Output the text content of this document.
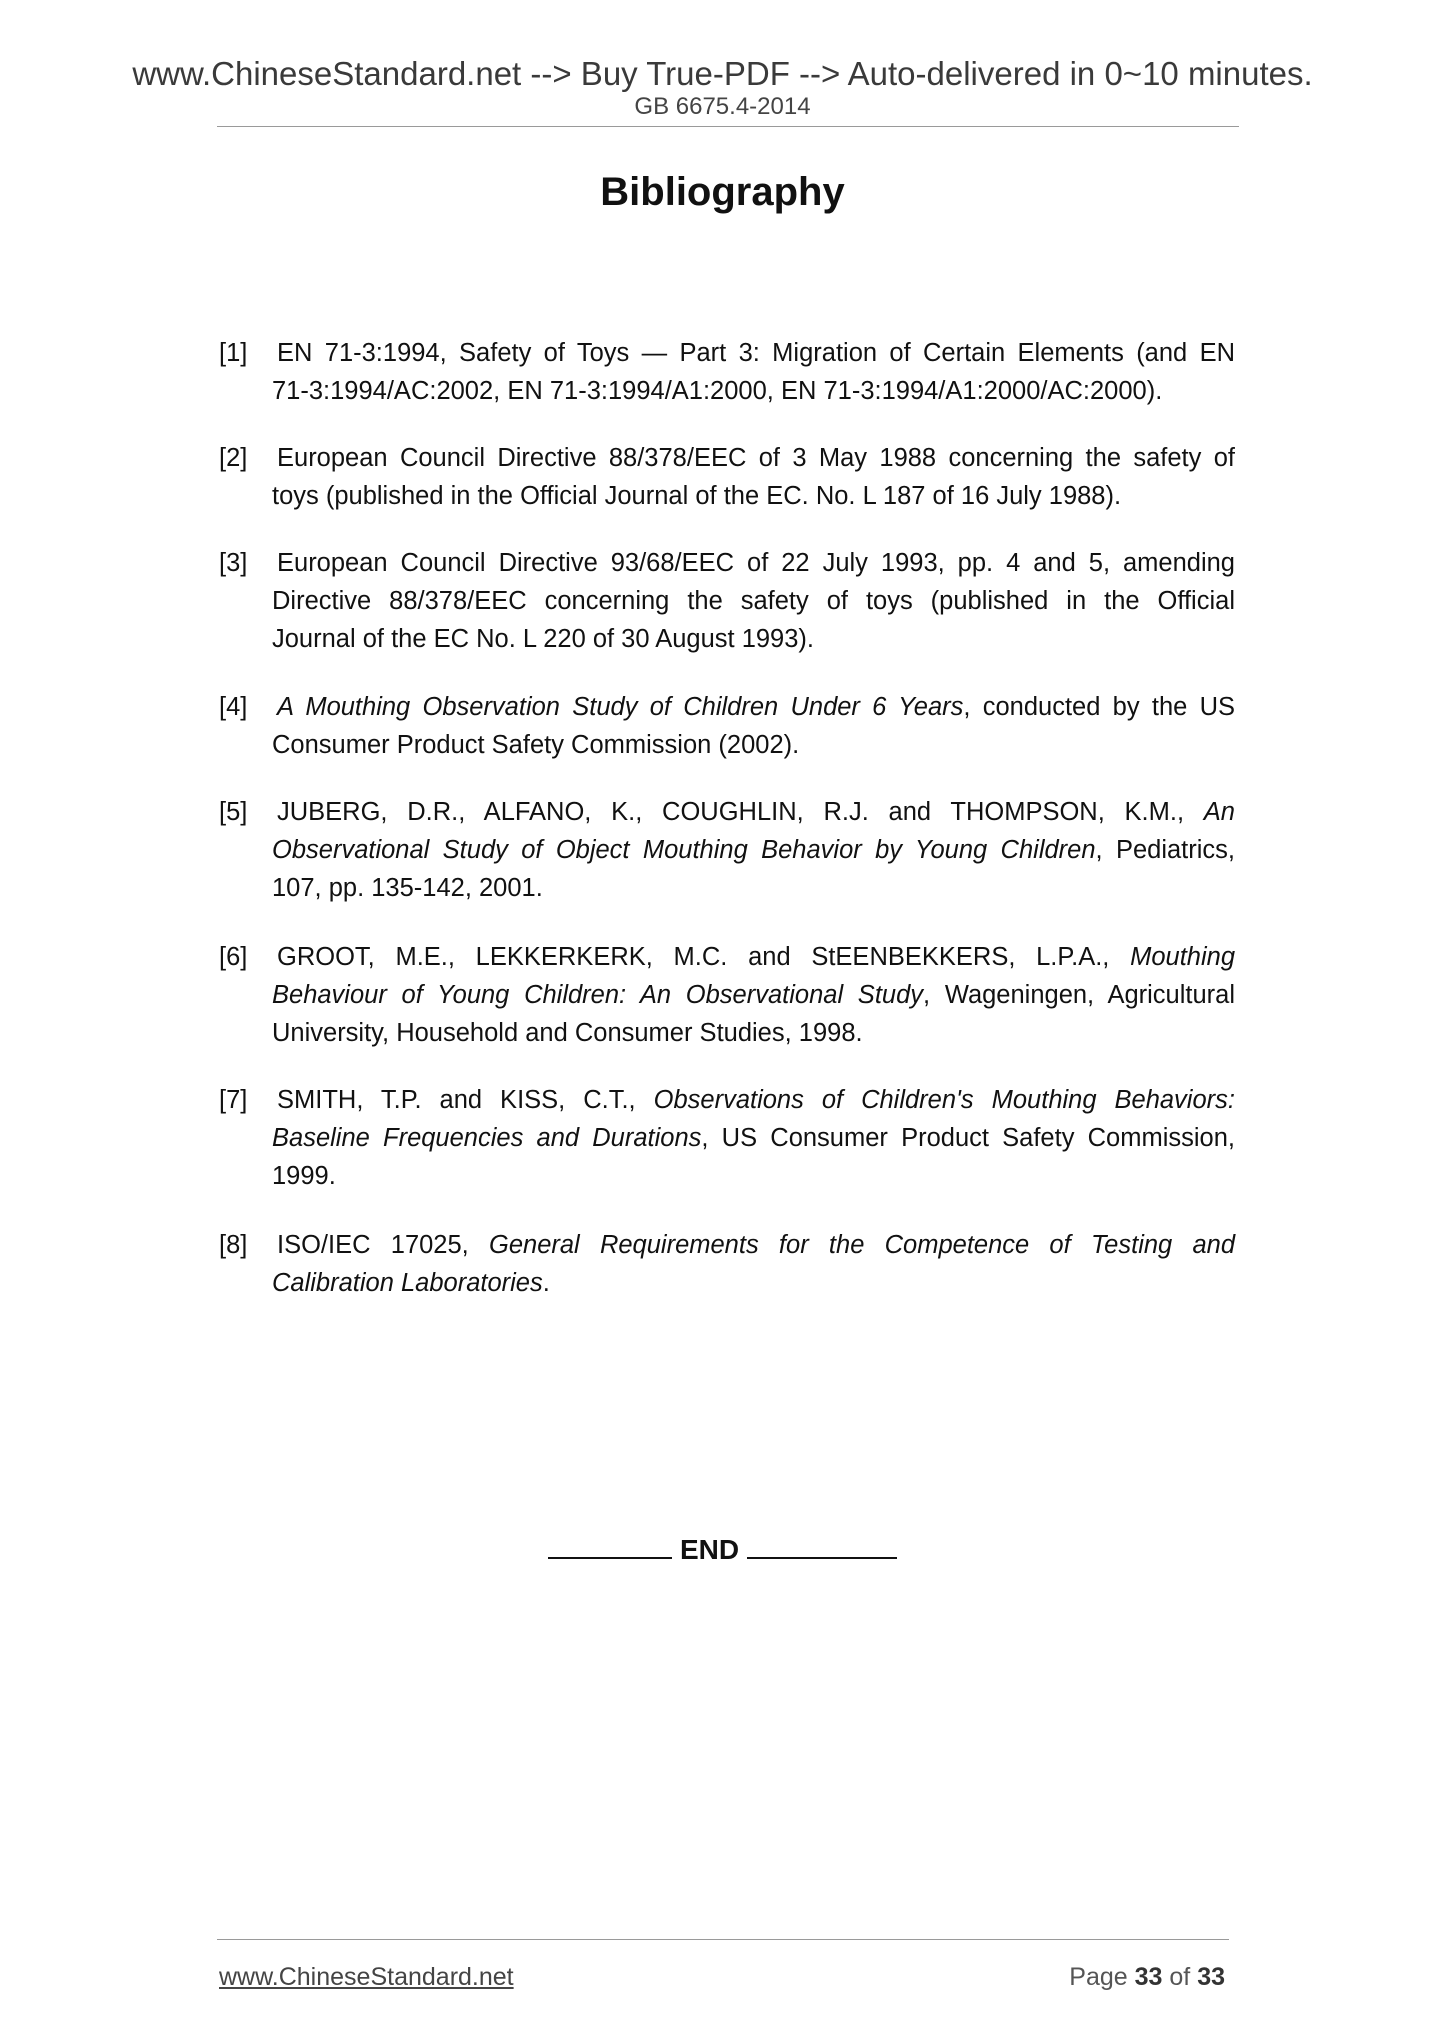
www.ChineseStandard.net --> Buy True-PDF --> Auto-delivered in 0~10 minutes.
GB 6675.4-2014
Bibliography
[1]	EN 71-3:1994, Safety of Toys — Part 3: Migration of Certain Elements (and EN
71-3:1994/AC:2002, EN 71-3:1994/A1:2000, EN 71-3:1994/A1:2000/AC:2000).
[2]	European Council Directive 88/378/EEC of 3 May 1988 concerning the safety of
toys (published in the Official Journal of the EC. No. L 187 of 16 July 1988).
[3]	European Council Directive 93/68/EEC of 22 July 1993, pp. 4 and 5, amending
Directive 88/378/EEC concerning the safety of toys (published in the Official
Journal of the EC No. L 220 of 30 August 1993).
[4]	A Mouthing Observation Study of Children Under 6 Years, conducted by the US
Consumer Product Safety Commission (2002).
[5]	JUBERG, D.R., ALFANO, K., COUGHLIN, R.J. and THOMPSON, K.M., An
Observational Study of Object Mouthing Behavior by Young Children, Pediatrics,
107, pp. 135-142, 2001.
[6]	GROOT, M.E., LEKKERKERK, M.C. and StEENBEKKERS, L.P.A., Mouthing
Behaviour of Young Children: An Observational Study, Wageningen, Agricultural
University, Household and Consumer Studies, 1998.
[7]	SMITH, T.P. and KISS, C.T., Observations of Children's Mouthing Behaviors:
Baseline Frequencies and Durations, US Consumer Product Safety Commission,
1999.
[8]	ISO/IEC 17025, General Requirements for the Competence of Testing and
Calibration Laboratories.
END
www.ChineseStandard.net	Page 33 of 33
